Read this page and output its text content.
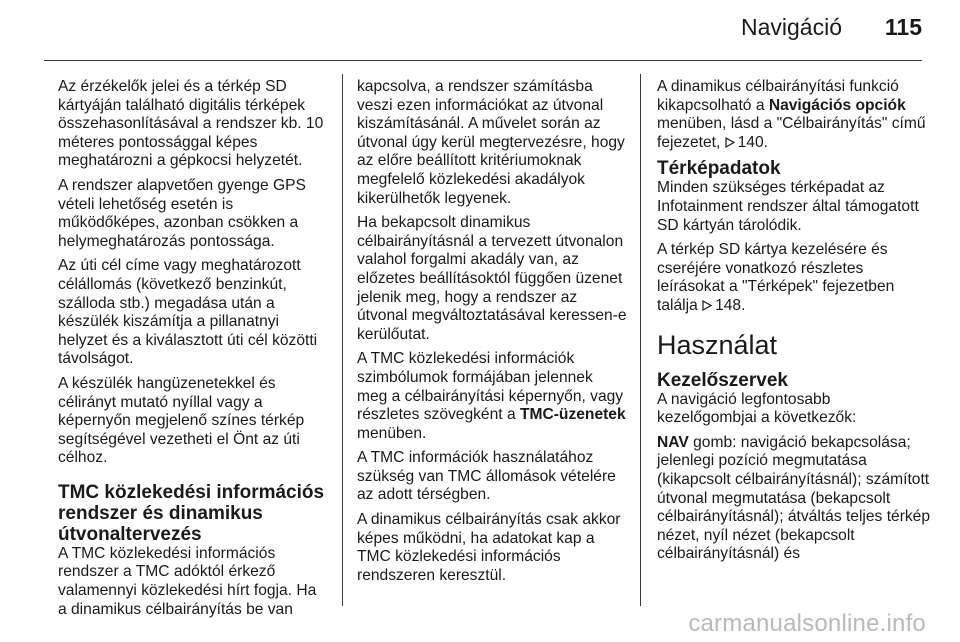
Navigáció 115

Az érzékelők jelei és a térkép SD kártyáján található digitális térképek összehasonlításával a rendszer kb. 10 méteres pontossággal képes meghatározni a gépkocsi helyzetét.

A rendszer alapvetően gyenge GPS vételi lehetőség esetén is működőképes, azonban csökken a helymeghatározás pontossága.

Az úti cél címe vagy meghatározott célállomás (következő benzinkút, szálloda stb.) megadása után a készülék kiszámítja a pillanatnyi helyzet és a kiválasztott úti cél közötti távolságot.

A készülék hangüzenetekkel és célirányt mutató nyíllal vagy a képernyőn megjelenő színes térkép segítségével vezetheti el Önt az úti célhoz.

TMC közlekedési információs rendszer és dinamikus útvonaltervezés

A TMC közlekedési információs rendszer a TMC adóktól érkező valamennyi közlekedési hírt fogja. Ha a dinamikus célbairányítás be van

kapcsolva, a rendszer számításba veszi ezen információkat az útvonal kiszámításánál. A művelet során az útvonal úgy kerül megtervezésre, hogy az előre beállított kritériumoknak megfelelő közlekedési akadályok kikerülhetők legyenek.

Ha bekapcsolt dinamikus célbairányításnál a tervezett útvonalon valahol forgalmi akadály van, az előzetes beállításoktól függően üzenet jelenik meg, hogy a rendszer az útvonal megváltoztatásával keressen-e kerülőutat.

A TMC közlekedési információk szimbólumok formájában jelennek meg a célbairányítási képernyőn, vagy részletes szövegként a TMC-üzenetek menüben.

A TMC információk használatához szükség van TMC állomások vételére az adott térségben.

A dinamikus célbairányítás csak akkor képes működni, ha adatokat kap a TMC közlekedési információs rendszeren keresztül.

A dinamikus célbairányítási funkció kikapcsolható a Navigációs opciók menüben, lásd a "Célbairányítás" című fejezetet, 140.

Térképadatok

Minden szükséges térképadat az Infotainment rendszer által támogatott SD kártyán tárolódik.

A térkép SD kártya kezelésére és cseréjére vonatkozó részletes leírásokat a "Térképek" fejezetben találja 148.

Használat
Kezelőszervek

A navigáció legfontosabb kezelőgombjai a következők:

NAV gomb: navigáció bekapcsolása; jelenlegi pozíció megmutatása (kikapcsolt célbairányításnál); számított útvonal megmutatása (bekapcsolt célbairányításnál); átváltás teljes térkép nézet, nyíl nézet (bekapcsolt célbairányításnál) és

carmanualsonline.info
